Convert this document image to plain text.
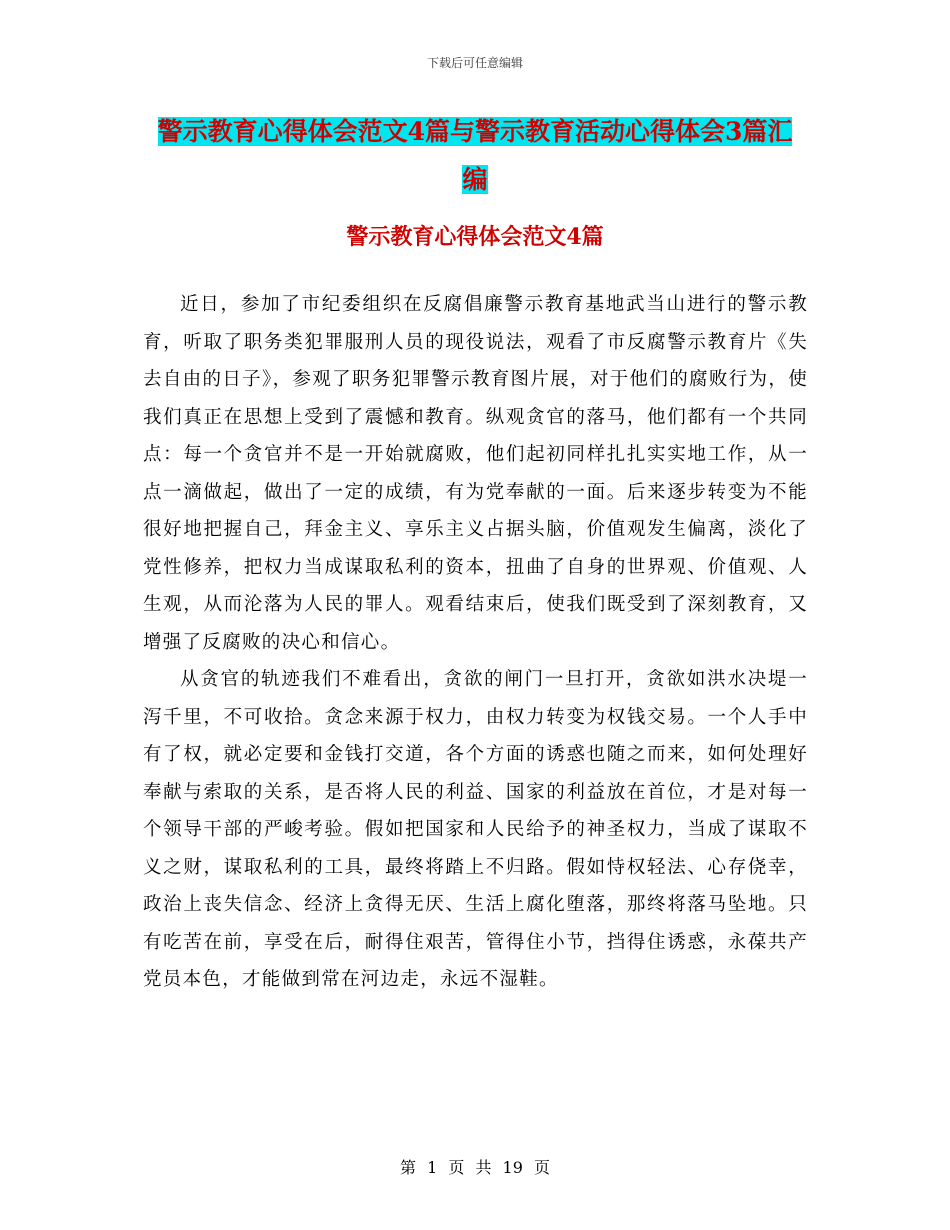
下载后可任意编辑
警示教育心得体会范文4篇与警示教育活动心得体会3篇汇编
警示教育心得体会范文4篇

近日，参加了市纪委组织在反腐倡廉警示教育基地武当山进行的警示教育，听取了职务类犯罪服刑人员的现役说法，观看了市反腐警示教育片《失去自由的日子》，参观了职务犯罪警示教育图片展，对于他们的腐败行为，使我们真正在思想上受到了震憾和教育。纵观贪官的落马，他们都有一个共同点：每一个贪官并不是一开始就腐败，他们起初同样扎扎实实地工作，从一点一滴做起，做出了一定的成绩，有为党奉献的一面。后来逐步转变为不能很好地把握自己，拜金主义、享乐主义占据头脑，价值观发生偏离，淡化了党性修养，把权力当成谋取私利的资本，扭曲了自身的世界观、价值观、人生观，从而沦落为人民的罪人。观看结束后，使我们既受到了深刻教育，又增强了反腐败的决心和信心。

从贪官的轨迹我们不难看出，贪欲的闸门一旦打开，贪欲如洪水决堤一泻千里，不可收拾。贪念来源于权力，由权力转变为权钱交易。一个人手中有了权，就必定要和金钱打交道，各个方面的诱惑也随之而来，如何处理好奉献与索取的关系，是否将人民的利益、国家的利益放在首位，才是对每一个领导干部的严峻考验。假如把国家和人民给予的神圣权力，当成了谋取不义之财，谋取私利的工具，最终将踏上不归路。假如恃权轻法、心存侥幸，政治上丧失信念、经济上贪得无厌、生活上腐化堕落，那终将落马坠地。只有吃苦在前，享受在后，耐得住艰苦，管得住小节，挡得住诱惑，永葆共产党员本色，才能做到常在河边走，永远不湿鞋。

第 1 页 共 19 页
